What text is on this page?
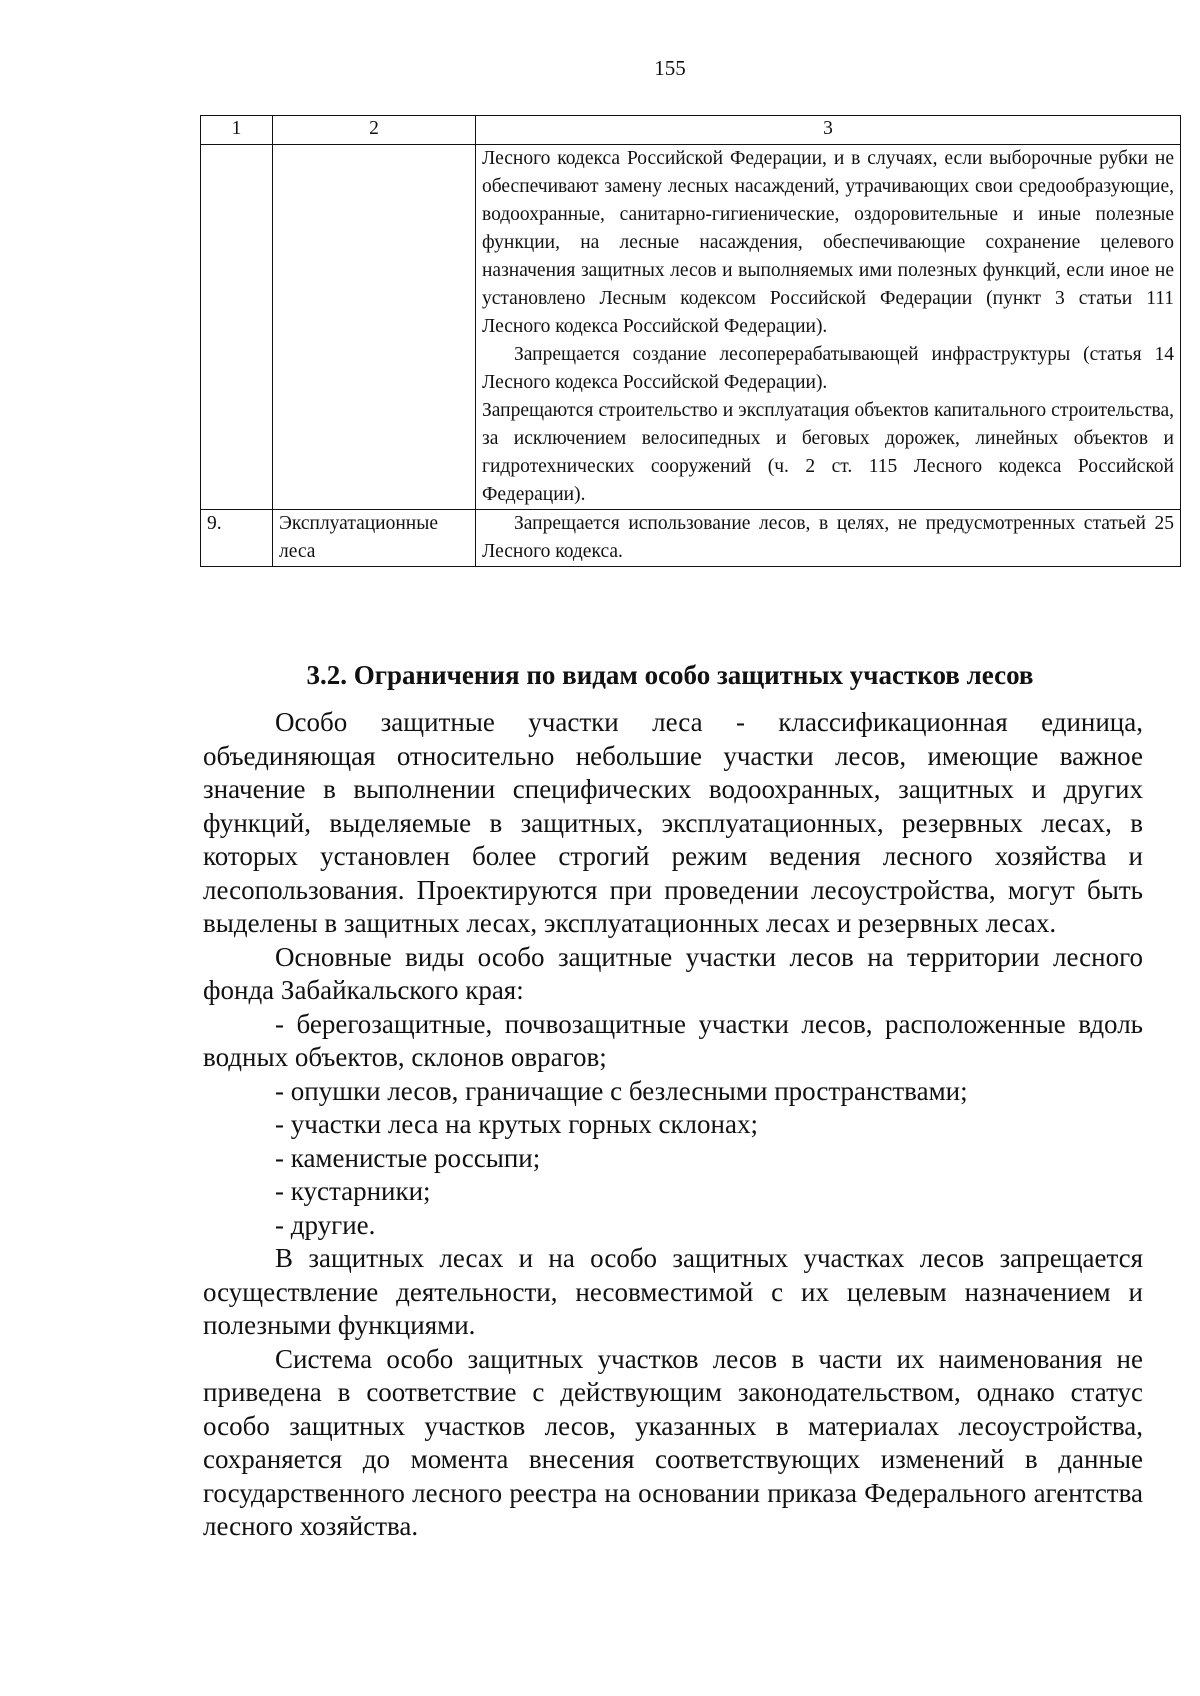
155
1	2	3

		Лесного кодекса Российской Федерации, и в случаях, если выборочные рубки не обеспечивают замену лесных насаждений, утрачивающих свои средообразующие, водоохранные, санитарно-гигиенические, оздоровительные и иные полезные функции, на лесные насаждения, обеспечивающие сохранение целевого назначения защитных лесов и выполняемых ими полезных функций, если иное не установлено Лесным кодексом Российской Федерации (пункт 3 статьи 111 Лесного кодекса Российской Федерации).

Запрещается создание лесоперерабатывающей инфраструктуры (статья 14 Лесного кодекса Российской Федерации).

Запрещаются строительство и эксплуатация объектов капитального строительства, за исключением велосипедных и беговых дорожек, линейных объектов и гидротехнических сооружений (ч. 2 ст. 115 Лесного кодекса Российской Федерации).

9.	Эксплуатационные леса	Запрещается использование лесов, в целях, не предусмотренных статьей 25 Лесного кодекса.

3.2. Ограничения по видам особо защитных участков лесов

Особо защитные участки леса - классификационная единица, объединяющая относительно небольшие участки лесов, имеющие важное значение в выполнении специфических водоохранных, защитных и других функций, выделяемые в защитных, эксплуатационных, резервных лесах, в которых установлен более строгий режим ведения лесного хозяйства и лесопользования. Проектируются при проведении лесоустройства, могут быть выделены в защитных лесах, эксплуатационных лесах и резервных лесах.

Основные виды особо защитные участки лесов на территории лесного фонда Забайкальского края:

- берегозащитные, почвозащитные участки лесов, расположенные вдоль водных объектов, склонов оврагов;

- опушки лесов, граничащие с безлесными пространствами;

- участки леса на крутых горных склонах;

- каменистые россыпи;

- кустарники;

- другие.

В защитных лесах и на особо защитных участках лесов запрещается осуществление деятельности, несовместимой с их целевым назначением и полезными функциями.

Система особо защитных участков лесов в части их наименования не приведена в соответствие с действующим законодательством, однако статус особо защитных участков лесов, указанных в материалах лесоустройства, сохраняется до момента внесения соответствующих изменений в данные государственного лесного реестра на основании приказа Федерального агентства лесного хозяйства.
